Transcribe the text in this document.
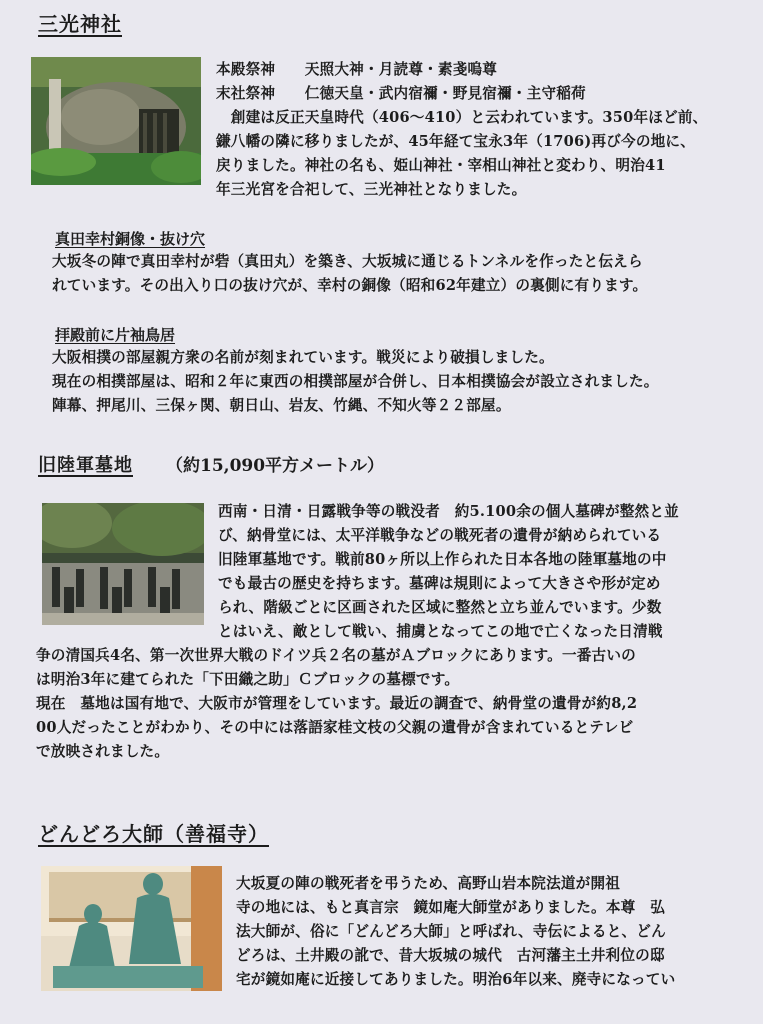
三光神社
本殿祭神　　天照大神・月読尊・素戔嗚尊
末社祭神　　仁徳天皇・武内宿禰・野見宿禰・主守稲荷
　創建は反正天皇時代（406〜410）と云われています。350年ほど前、
鎌八幡の隣に移りましたが、45年経て宝永3年（1706)再び今の地に、
戻りました。神社の名も、姫山神社・宰相山神社と変わり、明治41
年三光宮を合祀して、三光神社となりました。
真田幸村銅像・抜け穴
大坂冬の陣で真田幸村が砦（真田丸）を築き、大坂城に通じるトンネルを作ったと伝えら
れています。その出入り口の抜け穴が、幸村の銅像（昭和62年建立）の裏側に有ります。
拝殿前に片袖鳥居
大阪相撲の部屋親方衆の名前が刻まれています。戦災により破損しました。
現在の相撲部屋は、昭和２年に東西の相撲部屋が合併し、日本相撲協会が設立されました。
陣幕、押尾川、三保ヶ関、朝日山、岩友、竹縄、不知火等２２部屋。
旧陸軍墓地 （約15,090平方メートル）
西南・日清・日露戦争等の戦没者　約5.100余の個人墓碑が整然と並
び、納骨堂には、太平洋戦争などの戦死者の遺骨が納められている
旧陸軍墓地です。戦前80ヶ所以上作られた日本各地の陸軍墓地の中
でも最古の歴史を持ちます。墓碑は規則によって大きさや形が定め
られ、階級ごとに区画された区域に整然と立ち並んでいます。少数
とはいえ、敵として戦い、捕虜となってこの地で亡くなった日清戦
争の清国兵4名、第一次世界大戦のドイツ兵２名の墓がＡブロックにあります。一番古いの
は明治3年に建てられた「下田織之助」Ｃブロックの墓標です。
現在　墓地は国有地で、大阪市が管理をしています。最近の調査で、納骨堂の遺骨が約8,2
00人だったことがわかり、その中には落語家桂文枝の父親の遺骨が含まれているとテレビ
で放映されました。
どんどろ大師（善福寺）
大坂夏の陣の戦死者を弔うため、高野山岩本院法道が開祖
寺の地には、もと真言宗　鏡如庵大師堂がありました。本尊　弘
法大師が、俗に「どんどろ大師」と呼ばれ、寺伝によると、どん
どろは、土井殿の訛で、昔大坂城の城代　古河藩主土井利位の邸
宅が鏡如庵に近接してありました。明治6年以来、廃寺になってい
